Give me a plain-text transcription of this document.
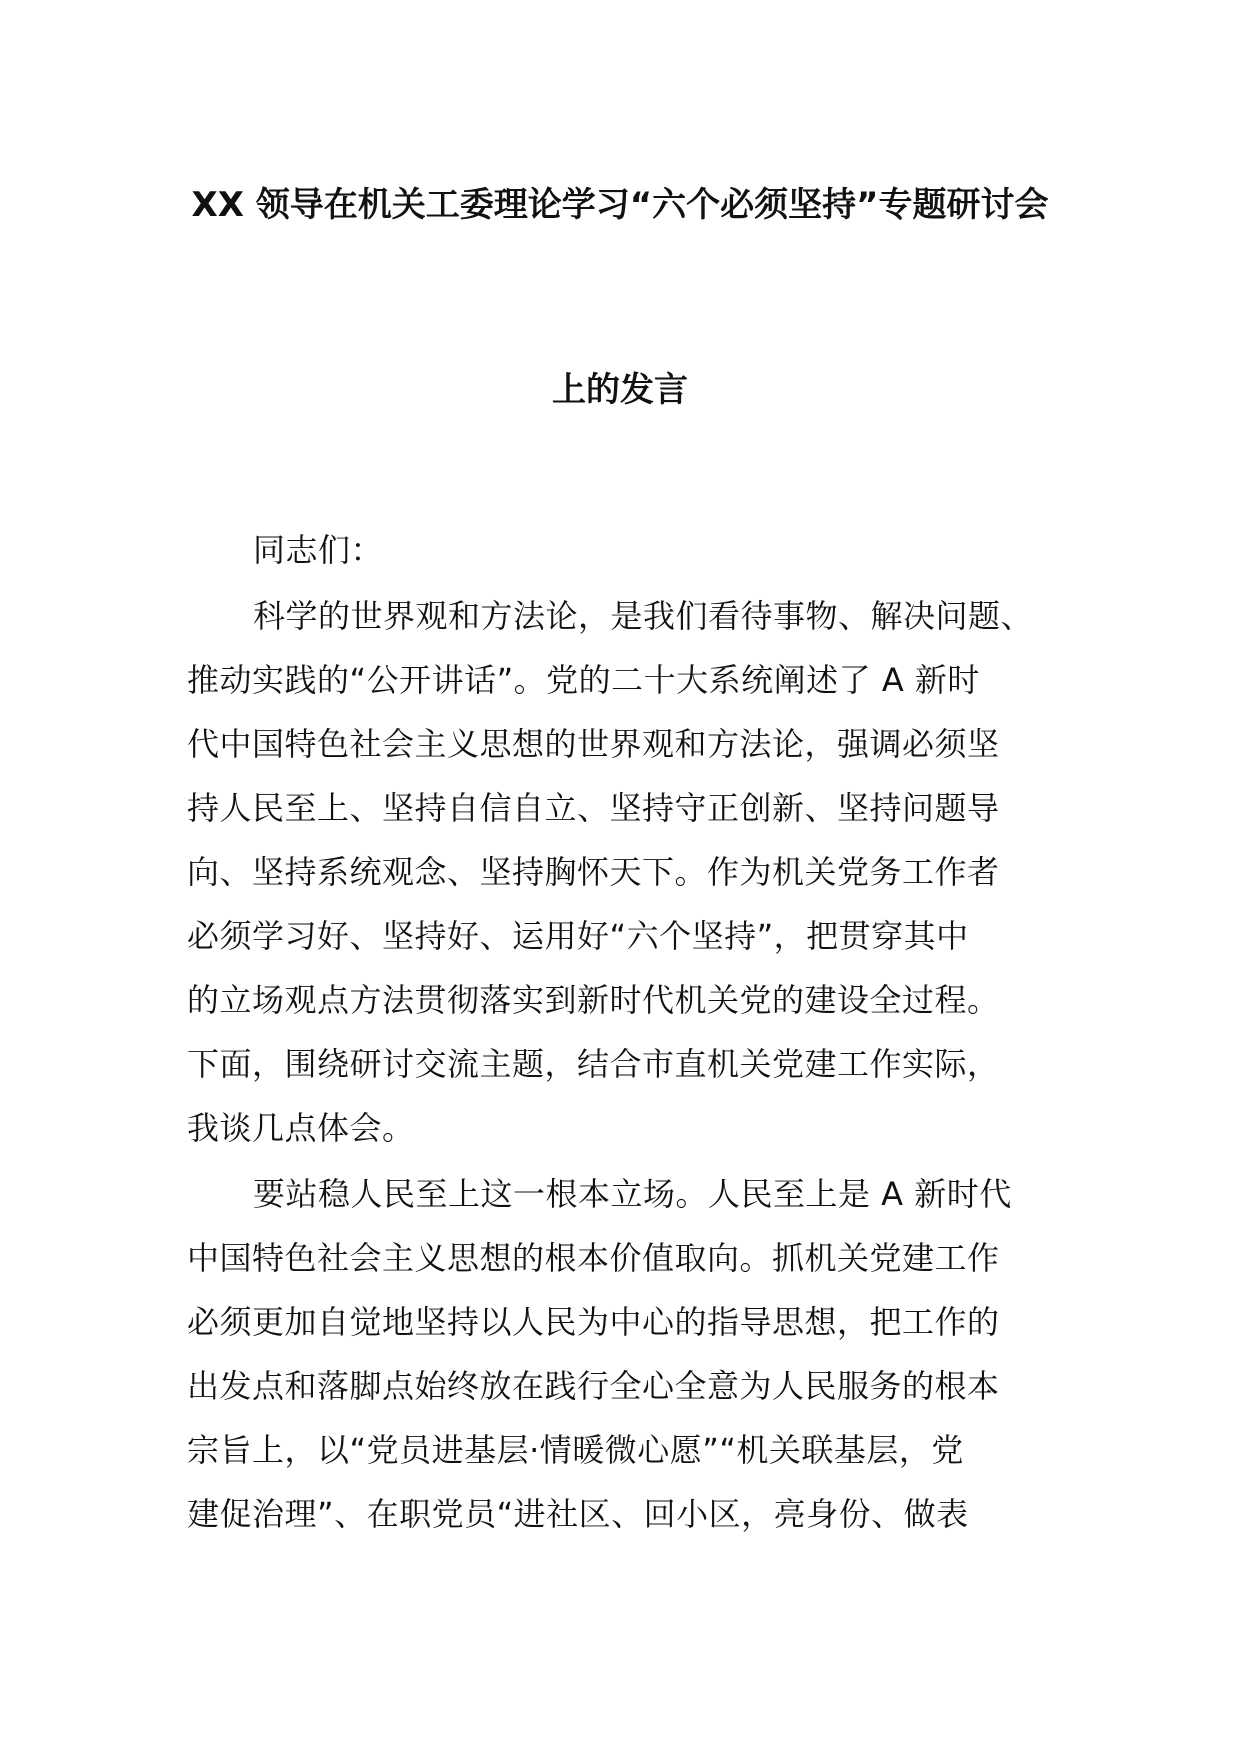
XX 领导在机关工委理论学习“六个必须坚持”专题研讨会
上的发言
同志们：
科学的世界观和方法论，是我们看待事物、解决问题、
推动实践的“公开讲话”。党的二十大系统阐述了 A 新时
代中国特色社会主义思想的世界观和方法论，强调必须坚
持人民至上、坚持自信自立、坚持守正创新、坚持问题导
向、坚持系统观念、坚持胸怀天下。作为机关党务工作者
必须学习好、坚持好、运用好“六个坚持”，把贯穿其中
的立场观点方法贯彻落实到新时代机关党的建设全过程。
下面，围绕研讨交流主题，结合市直机关党建工作实际，
我谈几点体会。
要站稳人民至上这一根本立场。人民至上是 A 新时代
中国特色社会主义思想的根本价值取向。抓机关党建工作
必须更加自觉地坚持以人民为中心的指导思想，把工作的
出发点和落脚点始终放在践行全心全意为人民服务的根本
宗旨上，以“党员进基层·情暖微心愿”“机关联基层，党
建促治理”、在职党员“进社区、回小区，亮身份、做表
